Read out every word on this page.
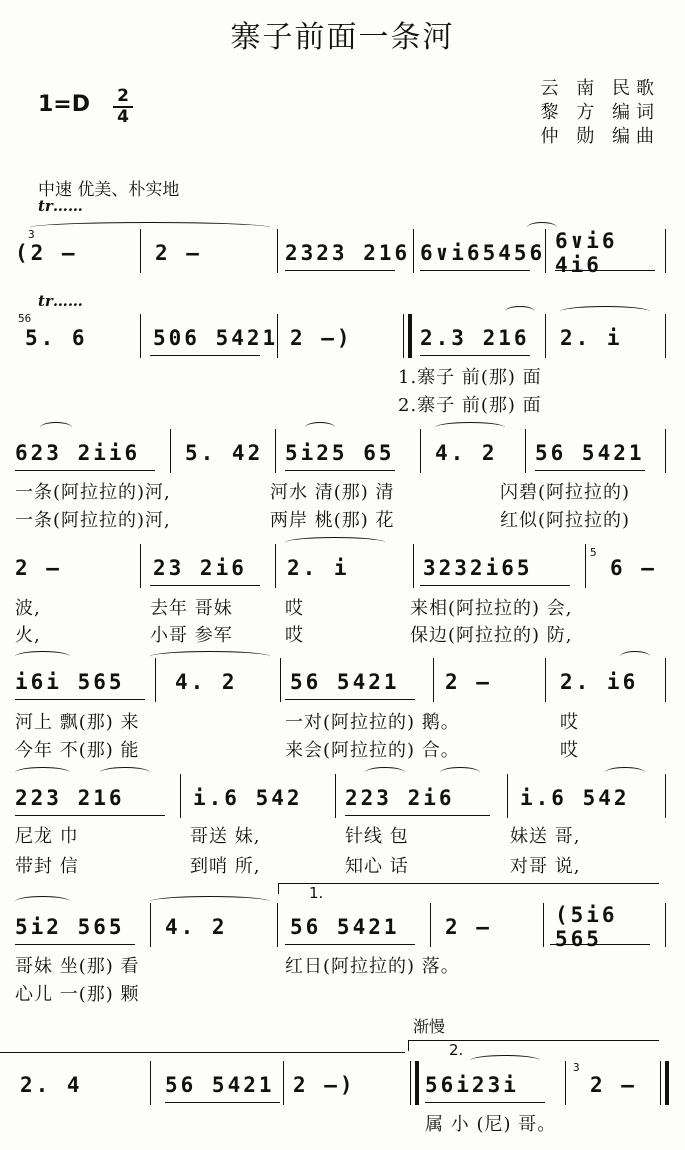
寨子前面一条河
1=D 2
4
云 南 民歌
黎 方 编词
仲 勋 编曲
中速 优美、朴实地
tr……
3
(2 —	2 —	2323 216 6∨i65456 6∨i6 4i6
tr……
56
5. 6	506 5421 2 —)	2.3 216 2. i
1.寨子 前(那) 面
2.寨子 前(那) 面
623 2ii6 5. 42 5i25 65 4. 2 56 5421
一条(阿拉拉的)河,	河水 清(那) 清	闪碧(阿拉拉的)
一条(阿拉拉的)河,	两岸 桃(那) 花	红似(阿拉拉的)
5
2 —	23 2i6 2. i	3232i65	6 —
波,	去年 哥妹	哎	来相(阿拉拉的) 会,
火,	小哥 参军	哎	保边(阿拉拉的) 防,
i6i 565 4. 2 56 5421 2 —	2. i6
河上 飘(那) 来	一对(阿拉拉的) 鹅。	哎
今年 不(那) 能	来会(阿拉拉的) 合。	哎
223 216	i.6 542 223 2i6	i.6 542
尼龙 巾	哥送 妹,	针线 包	妹送 哥,
带封 信	到哨 所,	知心 话	对哥 说,
1.
5i2 565 4. 2	56 5421 2 —	(5i6 565
哥妹 坐(那) 看	红日(阿拉拉的) 落。
心儿 一(那) 颗
渐慢
2.
3
2. 4	56 5421 2 —)	56i23i	2 —
属 小 (尼) 哥。
